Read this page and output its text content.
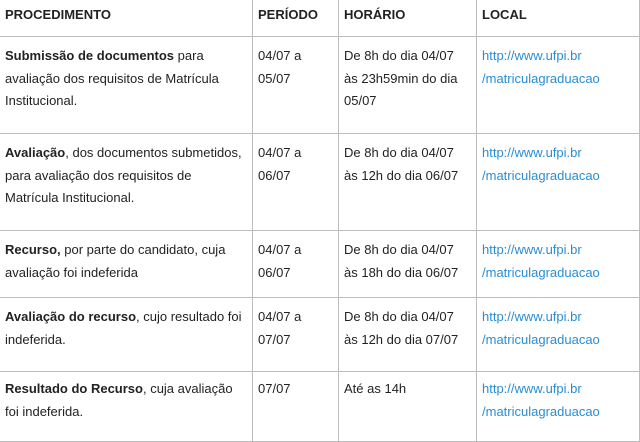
PROCEDIMENTO	PERÍODO	HORÁRIO	LOCAL
Submissão de documentos para avaliação dos requisitos de Matrícula Institucional.	04/07 a 05/07	De 8h do dia 04/07 às 23h59min do dia 05/07	http://www.ufpi.br
/matriculagraduacao

Avaliação, dos documentos submetidos, para avaliação dos requisitos de Matrícula Institucional.	04/07 a 06/07	De 8h do dia 04/07 às 12h do dia 06/07	http://www.ufpi.br
/matriculagraduacao

Recurso, por parte do candidato, cuja avaliação foi indeferida	04/07 a 06/07	De 8h do dia 04/07 às 18h do dia 06/07	http://www.ufpi.br
/matriculagraduacao

Avaliação do recurso, cujo resultado foi indeferida.	04/07 a 07/07	De 8h do dia 04/07 às 12h do dia 07/07	http://www.ufpi.br
/matriculagraduacao

Resultado do Recurso, cuja avaliação foi indeferida.	07/07	Até as 14h	http://www.ufpi.br
/matriculagraduacao
